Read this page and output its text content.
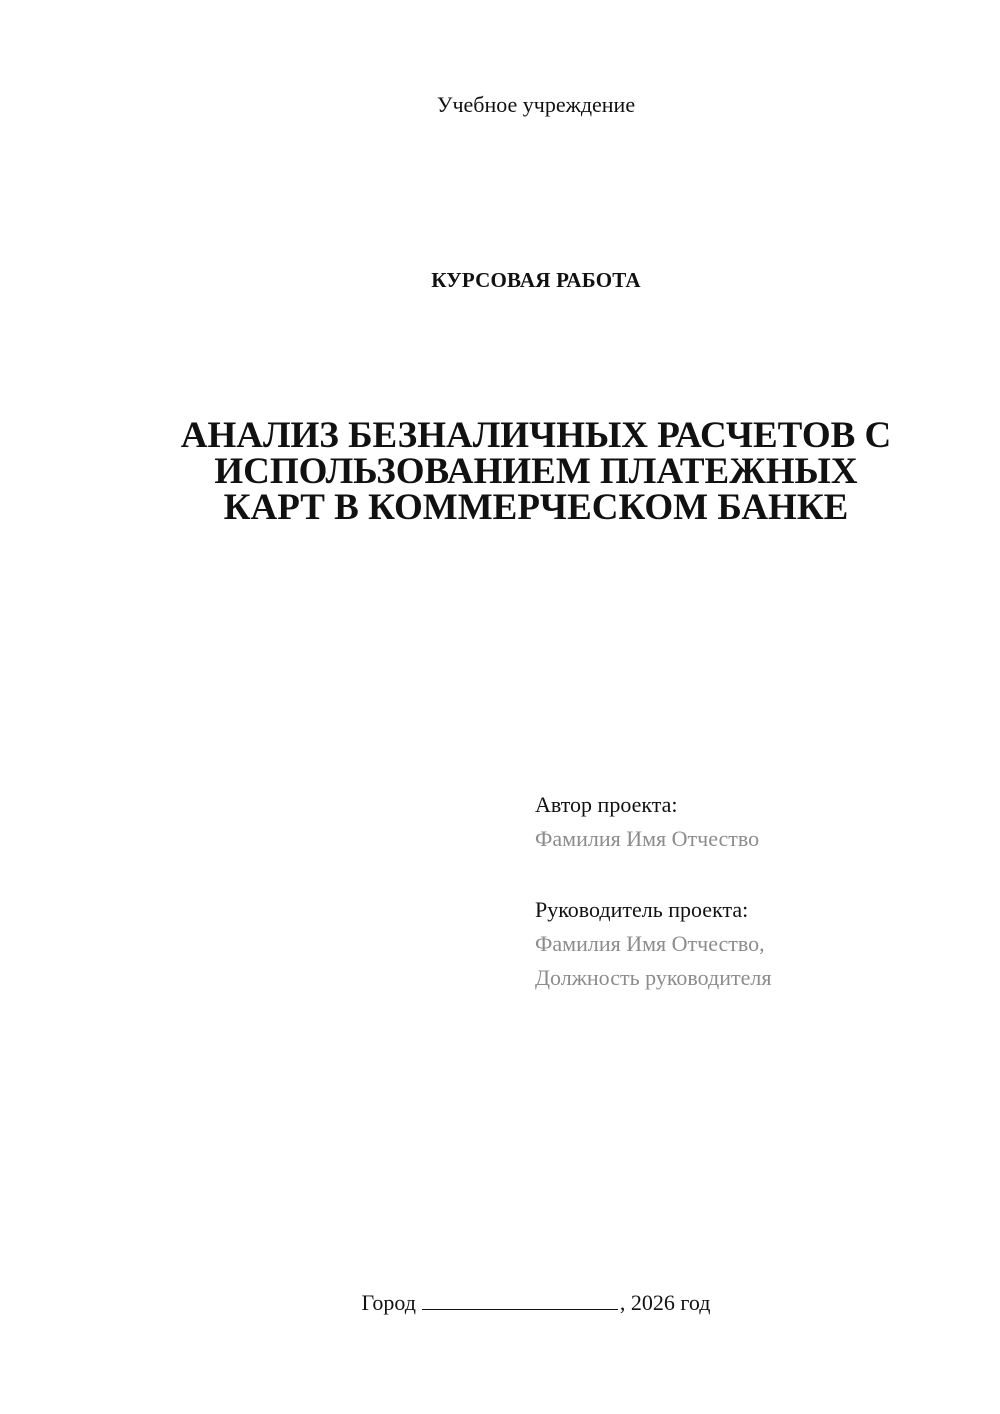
Учебное учреждение
КУРСОВАЯ РАБОТА
АНАЛИЗ БЕЗНАЛИЧНЫХ РАСЧЕТОВ С
ИСПОЛЬЗОВАНИЕМ ПЛАТЕЖНЫХ
КАРТ В КОММЕРЧЕСКОМ БАНКЕ
Автор проекта:
Фамилия Имя Отчество
Руководитель проекта:
Фамилия Имя Отчество,
Должность руководителя
Город	, 2026 год
